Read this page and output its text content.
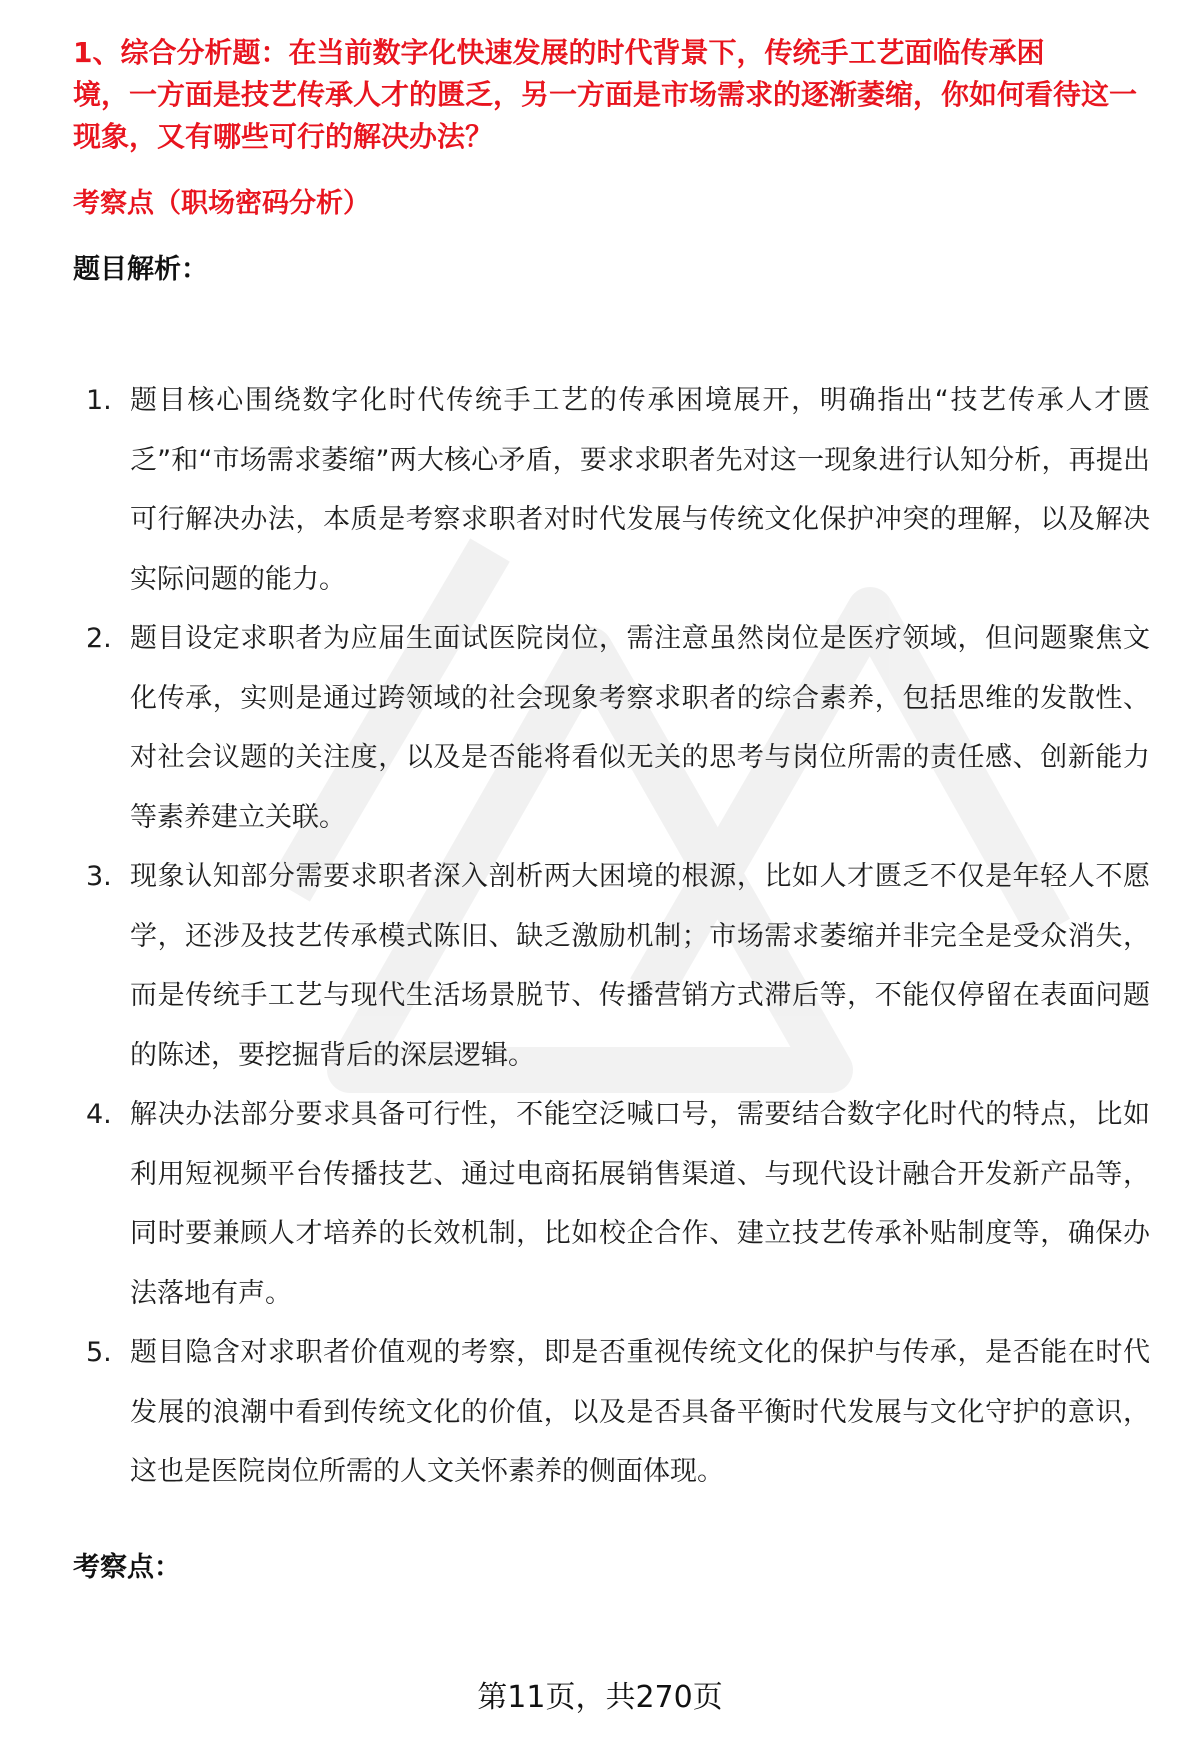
1、综合分析题：在当前数字化快速发展的时代背景下，传统手工艺面临传承困

境，一方面是技艺传承人才的匮乏，另一方面是市场需求的逐渐萎缩，你如何看待这一现象，又有哪些可行的解决办法？

考察点（职场密码分析）

题目解析：

1. 题目核心围绕数字化时代传统手工艺的传承困境展开，明确指出“技艺传承人才匮乏”和“市场需求萎缩”两大核心矛盾，要求求职者先对这一现象进行认知分析，再提出可行解决办法，本质是考察求职者对时代发展与传统文化保护冲突的理解，以及解决实际问题的能力。
2. 题目设定求职者为应届生面试医院岗位，需注意虽然岗位是医疗领域，但问题聚焦文化传承，实则是通过跨领域的社会现象考察求职者的综合素养，包括思维的发散性、对社会议题的关注度，以及是否能将看似无关的思考与岗位所需的责任感、创新能力等素养建立关联。
3. 现象认知部分需要求职者深入剖析两大困境的根源，比如人才匮乏不仅是年轻人不愿学，还涉及技艺传承模式陈旧、缺乏激励机制；市场需求萎缩并非完全是受众消失，而是传统手工艺与现代生活场景脱节、传播营销方式滞后等，不能仅停留在表面问题的陈述，要挖掘背后的深层逻辑。
4. 解决办法部分要求具备可行性，不能空泛喊口号，需要结合数字化时代的特点，比如利用短视频平台传播技艺、通过电商拓展销售渠道、与现代设计融合开发新产品等，同时要兼顾人才培养的长效机制，比如校企合作、建立技艺传承补贴制度等，确保办法落地有声。
5. 题目隐含对求职者价值观的考察，即是否重视传统文化的保护与传承，是否能在时代发展的浪潮中看到传统文化的价值，以及是否具备平衡时代发展与文化守护的意识，这也是医院岗位所需的人文关怀素养的侧面体现。

考察点：

第11页，共270页
